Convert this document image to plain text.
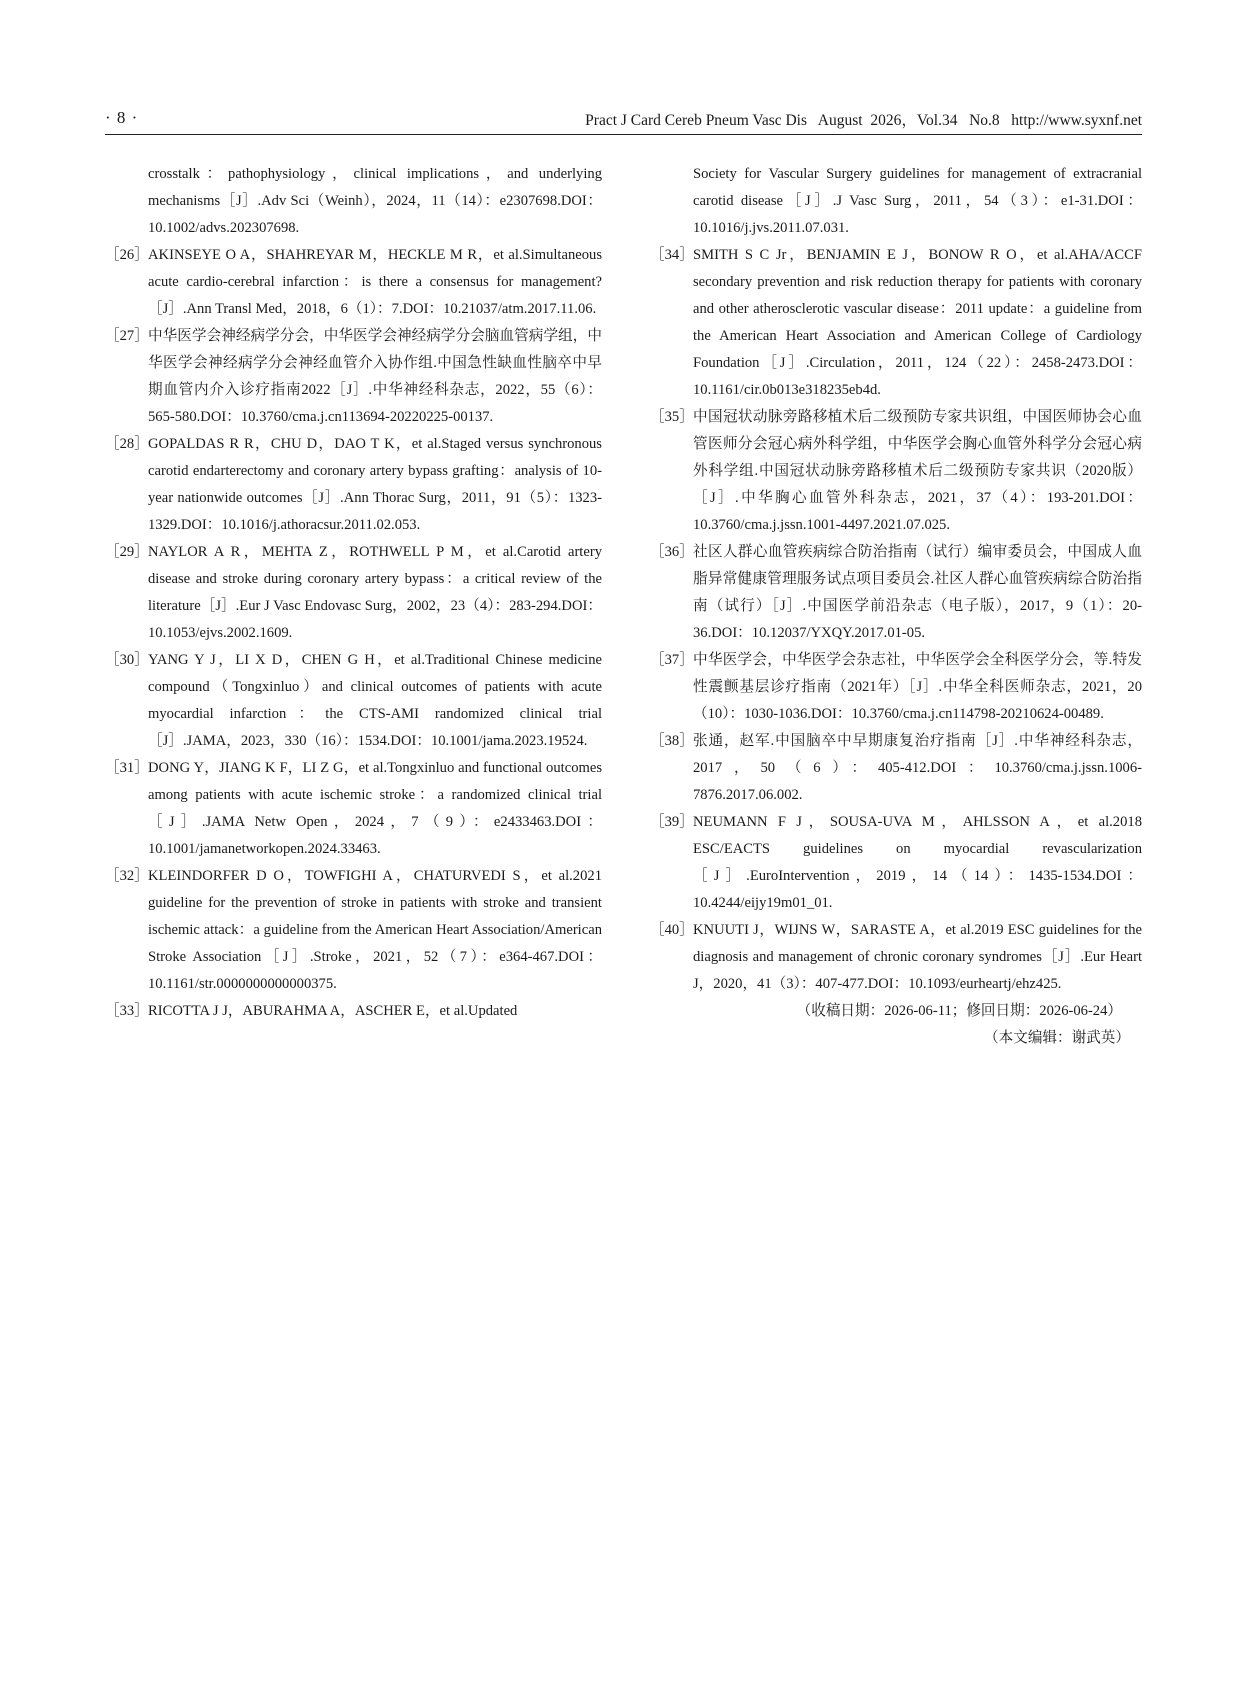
· 8 ·	Pract J Card Cereb Pneum Vasc Dis   August  2026，Vol.34   No.8   http://www.syxnf.net
crosstalk：pathophysiology，clinical implications，and underlying mechanisms［J］.Adv Sci（Weinh），2024，11（14）：e2307698.DOI：10.1002/advs.202307698.
［26］ AKINSEYE O A，SHAHREYAR M，HECKLE M R，et al.Simultaneous acute cardio-cerebral infarction：is there a consensus for management?［J］.Ann Transl Med，2018，6（1）：7.DOI：10.21037/atm.2017.11.06.
［27］ 中华医学会神经病学分会，中华医学会神经病学分会脑血管病学组，中华医学会神经病学分会神经血管介入协作组.中国急性缺血性脑卒中早期血管内介入诊疗指南2022［J］.中华神经科杂志，2022，55（6）：565-580.DOI：10.3760/cma.j.cn113694-20220225-00137.
［28］ GOPALDAS R R，CHU D，DAO T K，et al.Staged versus synchronous carotid endarterectomy and coronary artery bypass grafting：analysis of 10-year nationwide outcomes［J］.Ann Thorac Surg，2011，91（5）：1323-1329.DOI：10.1016/j.athoracsur.2011.02.053.
［29］ NAYLOR A R，MEHTA Z，ROTHWELL P M，et al.Carotid artery disease and stroke during coronary artery bypass：a critical review of the literature［J］.Eur J Vasc Endovasc Surg，2002，23（4）：283-294.DOI：10.1053/ejvs.2002.1609.
［30］ YANG Y J，LI X D，CHEN G H，et al.Traditional Chinese medicine compound（Tongxinluo）and clinical outcomes of patients with acute myocardial infarction：the CTS-AMI randomized clinical trial［J］.JAMA，2023，330（16）：1534.DOI：10.1001/jama.2023.19524.
［31］ DONG Y，JIANG K F，LI Z G，et al.Tongxinluo and functional outcomes among patients with acute ischemic stroke：a randomized clinical trial［J］.JAMA Netw Open，2024，7（9）：e2433463.DOI：10.1001/jamanetworkopen.2024.33463.
［32］ KLEINDORFER D O，TOWFIGHI A，CHATURVEDI S，et al.2021 guideline for the prevention of stroke in patients with stroke and transient ischemic attack：a guideline from the American Heart Association/American Stroke Association［J］.Stroke，2021，52（7）：e364-467.DOI：10.1161/str.0000000000000375.
［33］ RICOTTA J J，ABURAHMA A，ASCHER E，et al.Updated
Society for Vascular Surgery guidelines for management of extracranial carotid disease［J］.J Vasc Surg，2011，54（3）：e1-31.DOI：10.1016/j.jvs.2011.07.031.
［34］ SMITH S C Jr，BENJAMIN E J，BONOW R O，et al.AHA/ACCF secondary prevention and risk reduction therapy for patients with coronary and other atherosclerotic vascular disease：2011 update：a guideline from the American Heart Association and American College of Cardiology Foundation［J］.Circulation，2011，124（22）：2458-2473.DOI：10.1161/cir.0b013e318235eb4d.
［35］ 中国冠状动脉旁路移植术后二级预防专家共识组，中国医师协会心血管医师分会冠心病外科学组，中华医学会胸心血管外科学分会冠心病外科学组.中国冠状动脉旁路移植术后二级预防专家共识（2020版）［J］.中华胸心血管外科杂志，2021，37（4）：193-201.DOI：10.3760/cma.j.jssn.1001-4497.2021.07.025.
［36］ 社区人群心血管疾病综合防治指南（试行）编审委员会，中国成人血脂异常健康管理服务试点项目委员会.社区人群心血管疾病综合防治指南（试行）［J］.中国医学前沿杂志（电子版），2017，9（1）：20-36.DOI：10.12037/YXQY.2017.01-05.
［37］ 中华医学会，中华医学会杂志社，中华医学会全科医学分会，等.特发性震颤基层诊疗指南（2021年）［J］.中华全科医师杂志，2021，20（10）：1030-1036.DOI：10.3760/cma.j.cn114798-20210624-00489.
［38］ 张通，赵军.中国脑卒中早期康复治疗指南［J］.中华神经科杂志，2017，50（6）：405-412.DOI：10.3760/cma.j.jssn.1006-7876.2017.06.002.
［39］ NEUMANN F J，SOUSA-UVA M，AHLSSON A，et al.2018 ESC/EACTS guidelines on myocardial revascularization［J］.EuroIntervention，2019，14（14）：1435-1534.DOI：10.4244/eijy19m01_01.
［40］ KNUUTI J，WIJNS W，SARASTE A，et al.2019 ESC guidelines for the diagnosis and management of chronic coronary syndromes［J］.Eur Heart J，2020，41（3）：407-477.DOI：10.1093/eurheartj/ehz425.
（收稿日期：2026-06-11；修回日期：2026-06-24）
（本文编辑：谢武英）
